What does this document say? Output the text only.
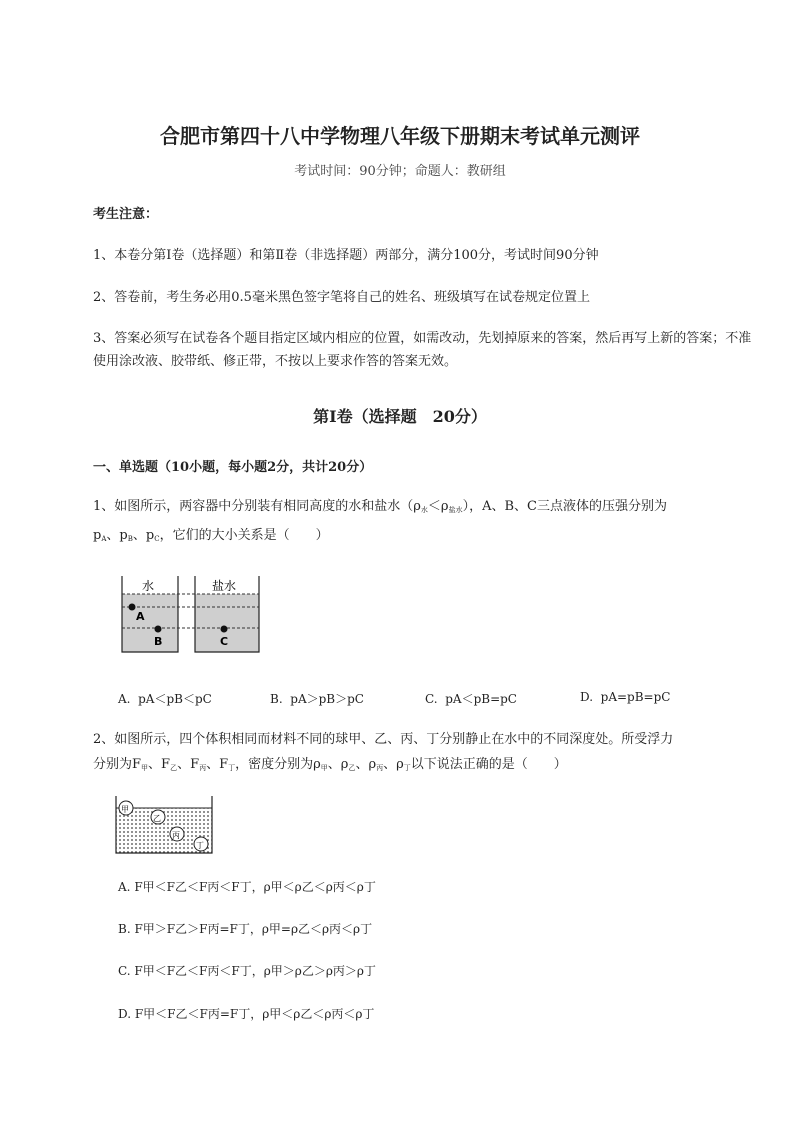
合肥市第四十八中学物理八年级下册期末考试单元测评
考试时间：90分钟；命题人：教研组
考生注意：
1、本卷分第I卷（选择题）和第Ⅱ卷（非选择题）两部分，满分100分，考试时间90分钟
2、答卷前，考生务必用0.5毫米黑色签字笔将自己的姓名、班级填写在试卷规定位置上
3、答案必须写在试卷各个题目指定区域内相应的位置，如需改动，先划掉原来的答案，然后再写上新的答案；不准使用涂改液、胶带纸、修正带，不按以上要求作答的答案无效。
第I卷（选择题　20分）
一、单选题（10小题，每小题2分，共计20分）
1、如图所示，两容器中分别装有相同高度的水和盐水$(\rho_水<\rho_{盐水})$，A、B、C三点液体的压强分别为
$p_A$、$p_B$、$p_C$，它们的大小关系是（　　）
水	盐水
A
B	C
A. pA＜pB＜pC	B. pA＞pB＞pC	C. pA＜pB=pC	D. pA=pB=pC
2、如图所示，四个体积相同而材料不同的球甲、乙、丙、丁分别静止在水中的不同深度处。所受浮力
分别为F甲、F乙、F丙、F丁，密度分别为ρ甲、ρ乙、ρ丙、ρ丁以下说法正确的是（　　）
甲
乙
丙
丁
A. F甲＜F乙＜F丙＜F丁，ρ甲＜ρ乙＜ρ丙＜ρ丁
B. F甲＞F乙＞F丙=F丁，ρ甲=ρ乙＜ρ丙＜ρ丁
C. F甲＜F乙＜F丙＜F丁，ρ甲＞ρ乙＞ρ丙＞ρ丁
D. F甲＜F乙＜F丙=F丁，ρ甲＜ρ乙＜ρ丙＜ρ丁
